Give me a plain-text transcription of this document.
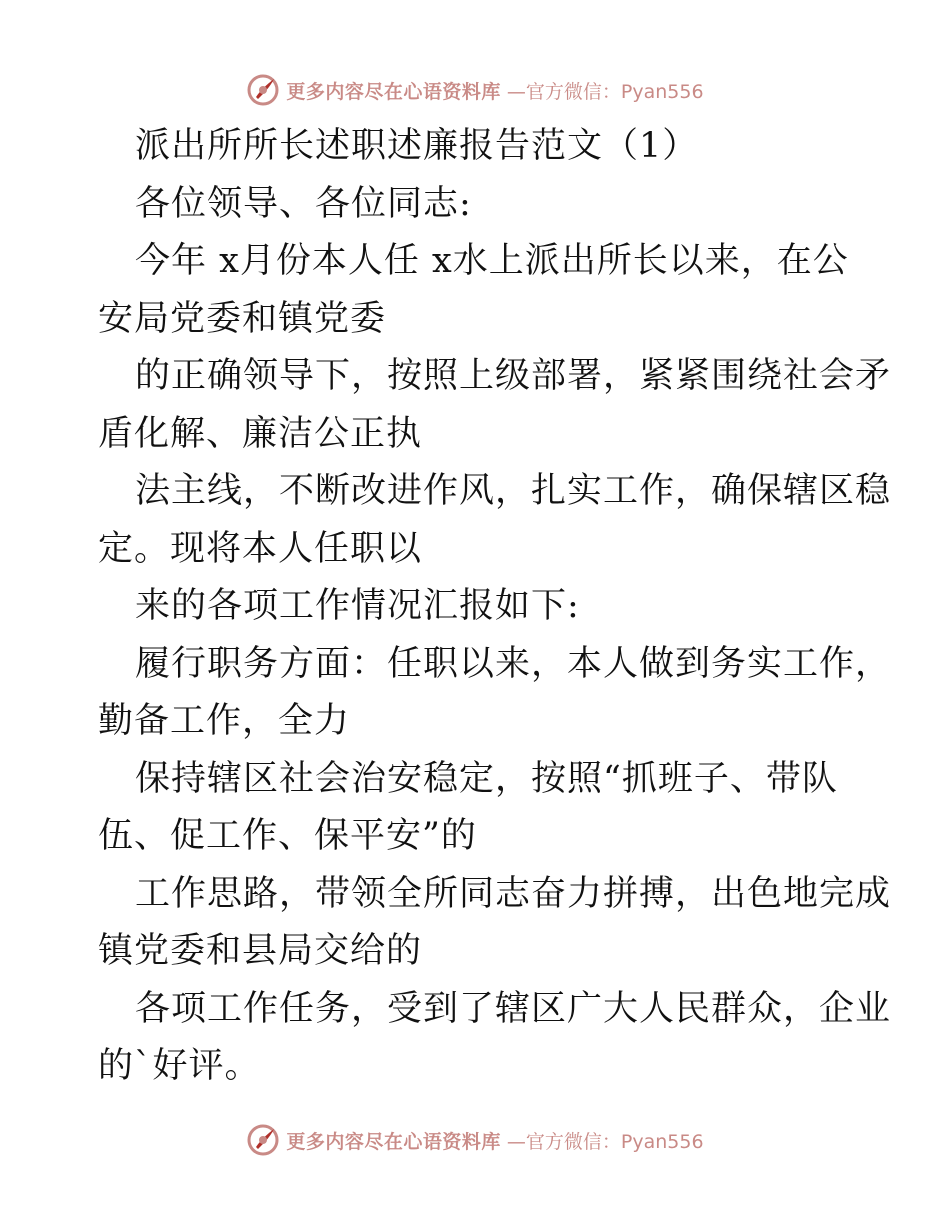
更多内容尽在心语资料库 —官方微信：Pyan556
派出所所长述职述廉报告范文（1）
各位领导、各位同志:
今年 x月份本人任 x水上派出所长以来，在公
安局党委和镇党委
的正确领导下，按照上级部署，紧紧围绕社会矛
盾化解、廉洁公正执
法主线，不断改进作风，扎实工作，确保辖区稳
定。现将本人任职以
来的各项工作情况汇报如下:
履行职务方面：任职以来，本人做到务实工作，
勤备工作，全力
保持辖区社会治安稳定，按照“抓班子、带队
伍、促工作、保平安”的
工作思路，带领全所同志奋力拼搏，出色地完成
镇党委和县局交给的
各项工作任务，受到了辖区广大人民群众，企业
的`好评。
更多内容尽在心语资料库 —官方微信：Pyan556
